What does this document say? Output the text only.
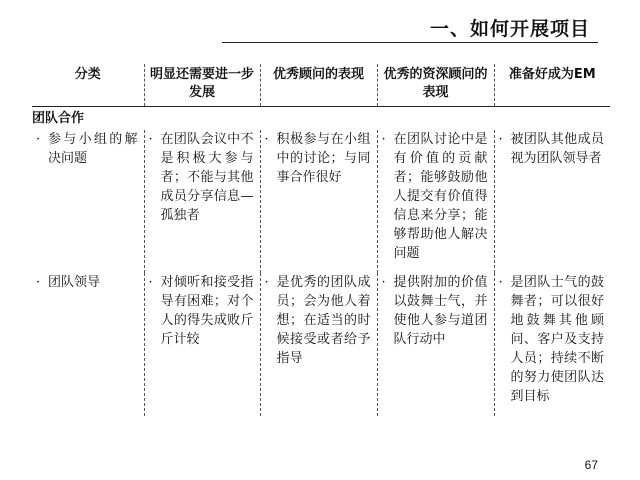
一、如何开展项目
分类	明显还需要进一步发展	优秀顾问的表现	优秀的资深顾问的表现	准备好成为EM
团队合作				

· 参与小组的解决问题	· 在团队会议中不是积极大参与者；不能与其他成员分享信息—孤独者	· 积极参与在小组中的讨论；与同事合作很好	· 在团队讨论中是有价值的贡献者；能够鼓励他人提交有价值得信息来分享；能够帮助他人解决问题	· 被团队其他成员视为团队领导者

· 团队领导	· 对倾听和接受指导有困难；对个人的得失成败斤斤计较	· 是优秀的团队成员；会为他人着想；在适当的时候接受或者给予指导	· 提供附加的价值以鼓舞士气，并使他人参与道团队行动中	· 是团队士气的鼓舞者；可以很好地鼓舞其他顾问、客户及支持人员；持续不断的努力使团队达到目标
67
